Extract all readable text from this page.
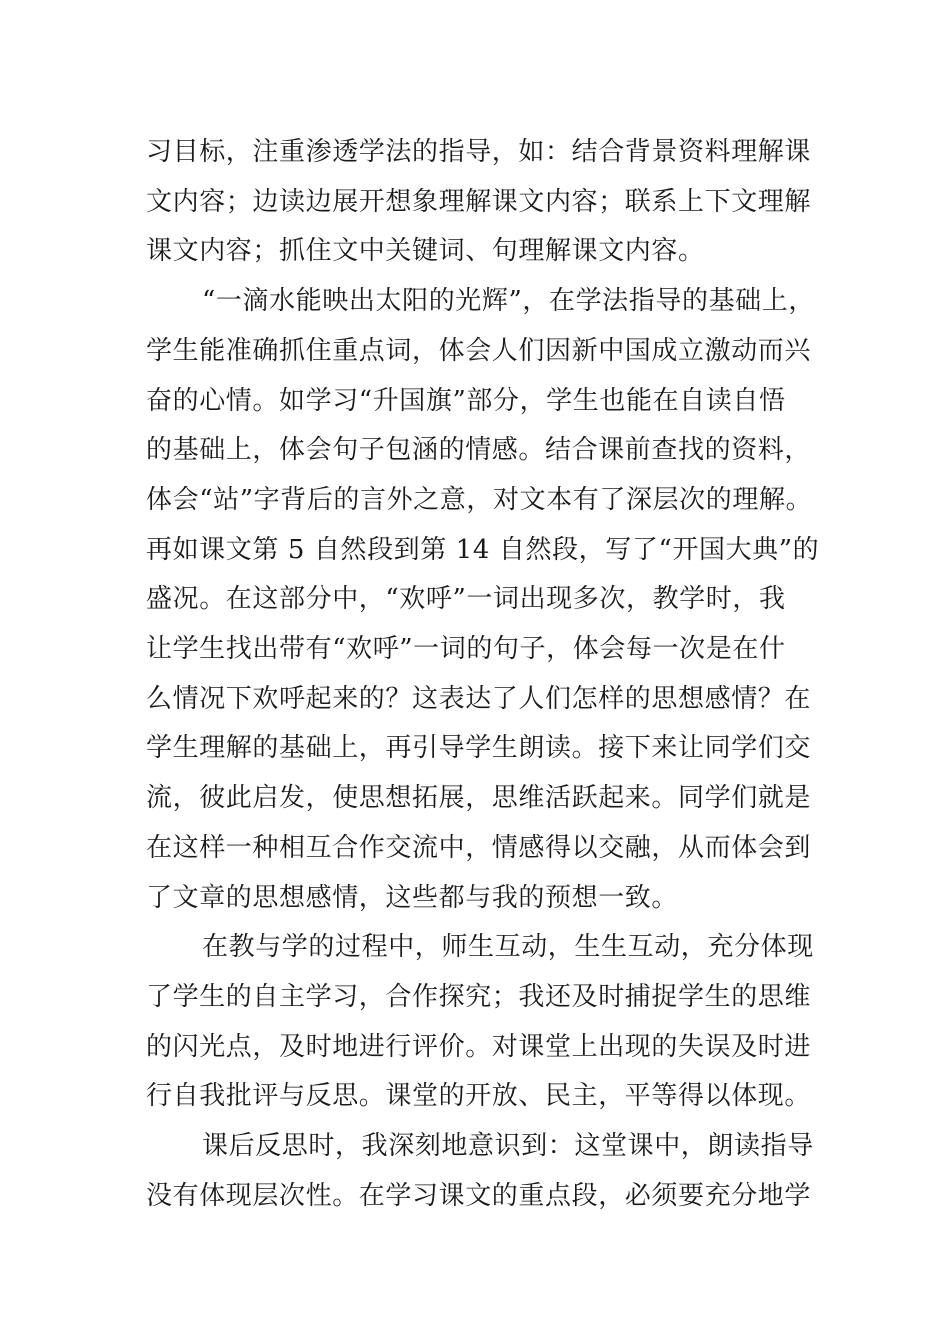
习目标，注重渗透学法的指导，如：结合背景资料理解课
文内容；边读边展开想象理解课文内容；联系上下文理解
课文内容；抓住文中关键词、句理解课文内容。

“一滴水能映出太阳的光辉”，在学法指导的基础上，
学生能准确抓住重点词，体会人们因新中国成立激动而兴
奋的心情。如学习“升国旗”部分，学生也能在自读自悟
的基础上，体会句子包涵的情感。结合课前查找的资料，
体会“站”字背后的言外之意，对文本有了深层次的理解。
再如课文第 5 自然段到第 14 自然段，写了“开国大典”的
盛况。在这部分中，“欢呼”一词出现多次，教学时，我
让学生找出带有“欢呼”一词的句子，体会每一次是在什
么情况下欢呼起来的？这表达了人们怎样的思想感情？在
学生理解的基础上，再引导学生朗读。接下来让同学们交
流，彼此启发，使思想拓展，思维活跃起来。同学们就是
在这样一种相互合作交流中，情感得以交融，从而体会到
了文章的思想感情，这些都与我的预想一致。

在教与学的过程中，师生互动，生生互动，充分体现
了学生的自主学习，合作探究；我还及时捕捉学生的思维
的闪光点，及时地进行评价。对课堂上出现的失误及时进
行自我批评与反思。课堂的开放、民主，平等得以体现。

课后反思时，我深刻地意识到：这堂课中，朗读指导
没有体现层次性。在学习课文的重点段，必须要充分地学
